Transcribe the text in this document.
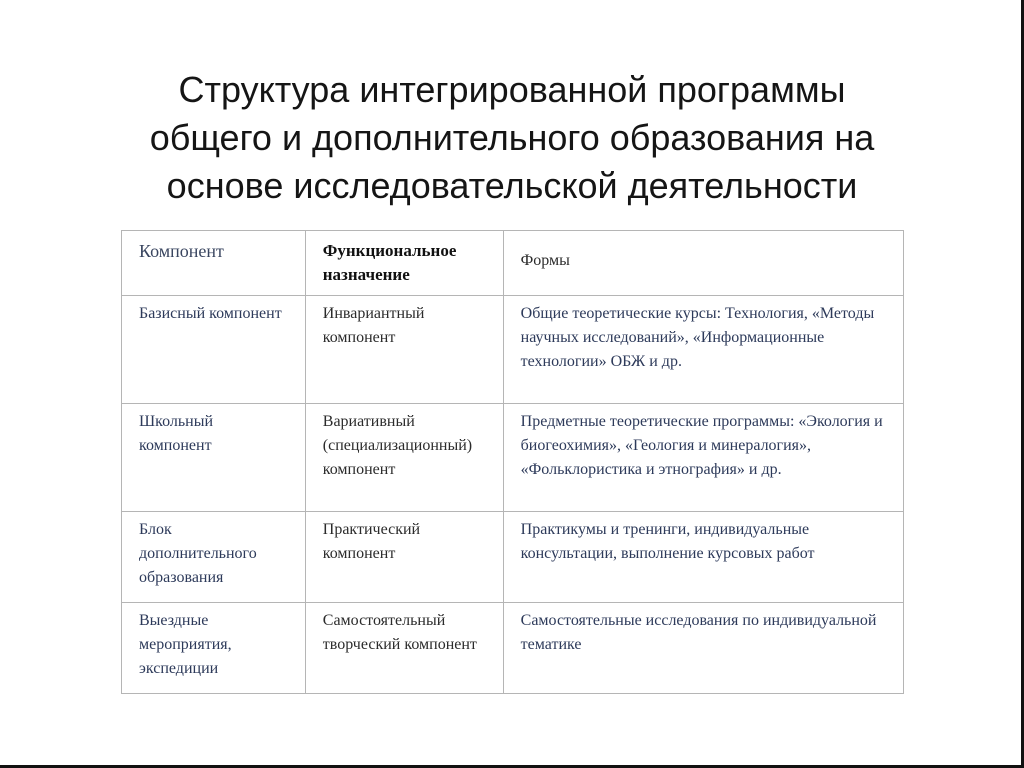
Структура интегрированной программы
общего и дополнительного образования на
основе исследовательской деятельности
Компонент	Функциональное назначение	Формы
Базисный компонент	Инвариантный компонент	Общие теоретические курсы: Технология, «Методы научных исследований», «Информационные технологии» ОБЖ и др.
Школьный компонент	Вариативный (специализационный) компонент	Предметные теоретические программы: «Экология и биогеохимия», «Геология и минералогия», «Фольклористика и этнография» и др.
Блок дополнительного образования	Практический компонент	Практикумы и тренинги, индивидуальные консультации, выполнение курсовых работ
Выездные мероприятия, экспедиции	Самостоятельный творческий компонент	Самостоятельные исследования по индивидуальной тематике
